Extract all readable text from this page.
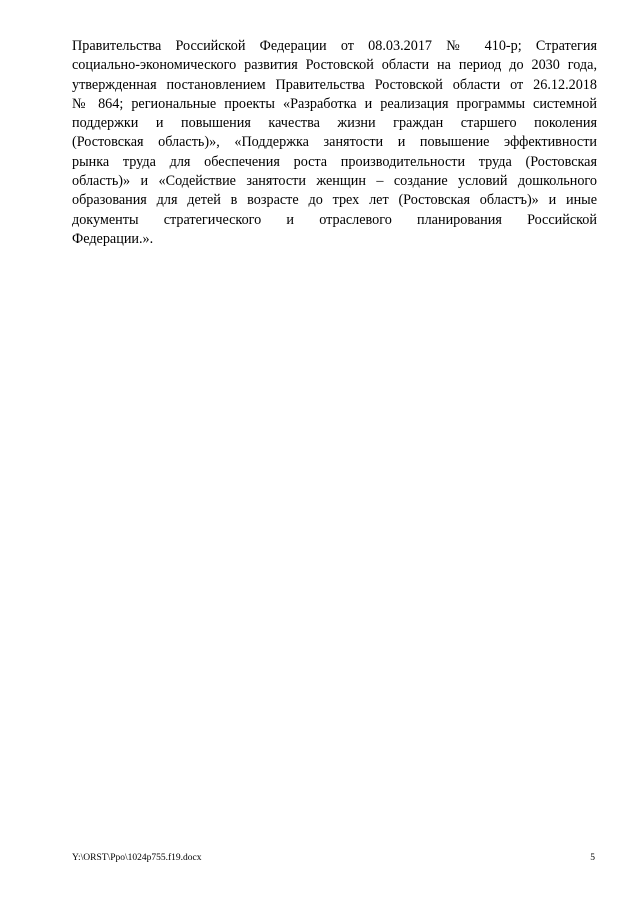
Правительства Российской Федерации от 08.03.2017 № 410-р; Стратегия
социально-экономического развития Ростовской области на период до 2030 года,
утвержденная постановлением Правительства Ростовской области от 26.12.2018
№ 864; региональные проекты «Разработка и реализация программы системной
поддержки и повышения качества жизни граждан старшего поколения
(Ростовская область)», «Поддержка занятости и повышение эффективности
рынка труда для обеспечения роста производительности труда (Ростовская
область)» и «Содействие занятости женщин – создание условий дошкольного
образования для детей в возрасте до трех лет (Ростовская областъ)» и иные
документы стратегического и отраслевого планирования Российской
Федерации.».
Y:\ORST\Ppo\1024p755.f19.docx	5
